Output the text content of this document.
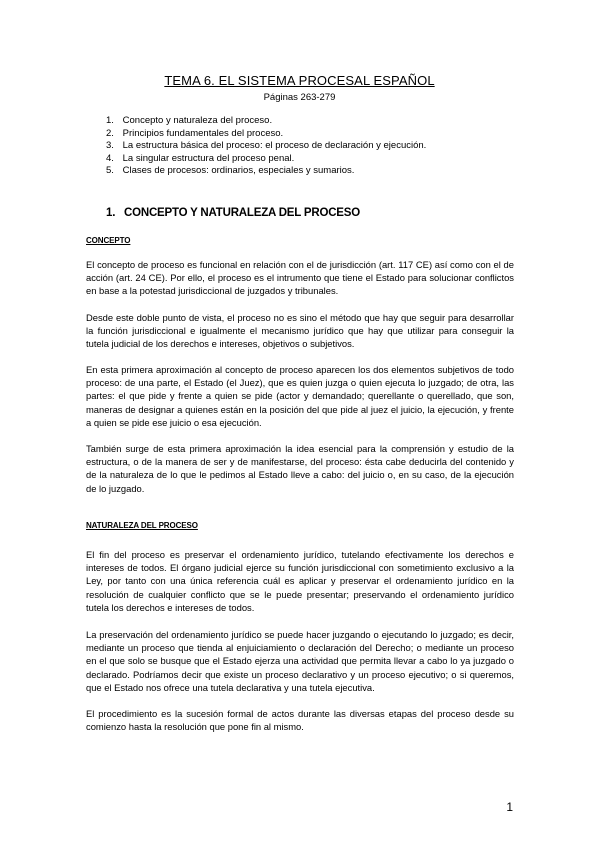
TEMA 6. EL SISTEMA PROCESAL ESPAÑOL
Páginas 263-279
1. Concepto y naturaleza del proceso.
2. Principios fundamentales del proceso.
3. La estructura básica del proceso: el proceso de declaración y ejecución.
4. La singular estructura del proceso penal.
5. Clases de procesos: ordinarios, especiales y sumarios.
1. CONCEPTO Y NATURALEZA DEL PROCESO
CONCEPTO

El concepto de proceso es funcional en relación con el de jurisdicción (art. 117 CE) así como con el de acción (art. 24 CE). Por ello, el proceso es el intrumento que tiene el Estado para solucionar conflictos en base a la potestad jurisdiccional de juzgados y tribunales.

Desde este doble punto de vista, el proceso no es sino el método que hay que seguir para desarrollar la función jurisdiccional e igualmente el mecanismo jurídico que hay que utilizar para conseguir la tutela judicial de los derechos e intereses, objetivos o subjetivos.

En esta primera aproximación al concepto de proceso aparecen los dos elementos subjetivos de todo proceso: de una parte, el Estado (el Juez), que es quien juzga o quien ejecuta lo juzgado; de otra, las partes: el que pide y frente a quien se pide (actor y demandado; querellante o querellado, que son, maneras de designar a quienes están en la posición del que pide al juez el juicio, la ejecución, y frente a quien se pide ese juicio o esa ejecución.

También surge de esta primera aproximación la idea esencial para la comprensión y estudio de la estructura, o de la manera de ser y de manifestarse, del proceso: ésta cabe deducirla del contenido y de la naturaleza de lo que le pedimos al Estado lleve a cabo: del juicio o, en su caso, de la ejecución de lo juzgado.

NATURALEZA DEL PROCESO

El fin del proceso es preservar el ordenamiento jurídico, tutelando efectivamente los derechos e intereses de todos. El órgano judicial ejerce su función jurisdiccional con sometimiento exclusivo a la Ley, por tanto con una única referencia cuál es aplicar y preservar el ordenamiento jurídico en la resolución de cualquier conflicto que se le puede presentar; preservando el ordenamiento jurídico tutela los derechos e intereses de todos.

La preservación del ordenamiento jurídico se puede hacer juzgando o ejecutando lo juzgado; es decir, mediante un proceso que tienda al enjuiciamiento o declaración del Derecho; o mediante un proceso en el que solo se busque que el Estado ejerza una actividad que permita llevar a cabo lo ya juzgado o declarado. Podríamos decir que existe un proceso declarativo y un proceso ejecutivo; o si queremos, que el Estado nos ofrece una tutela declarativa y una tutela ejecutiva.

El procedimiento es la sucesión formal de actos durante las diversas etapas del proceso desde su comienzo hasta la resolución que pone fin al mismo.

1
